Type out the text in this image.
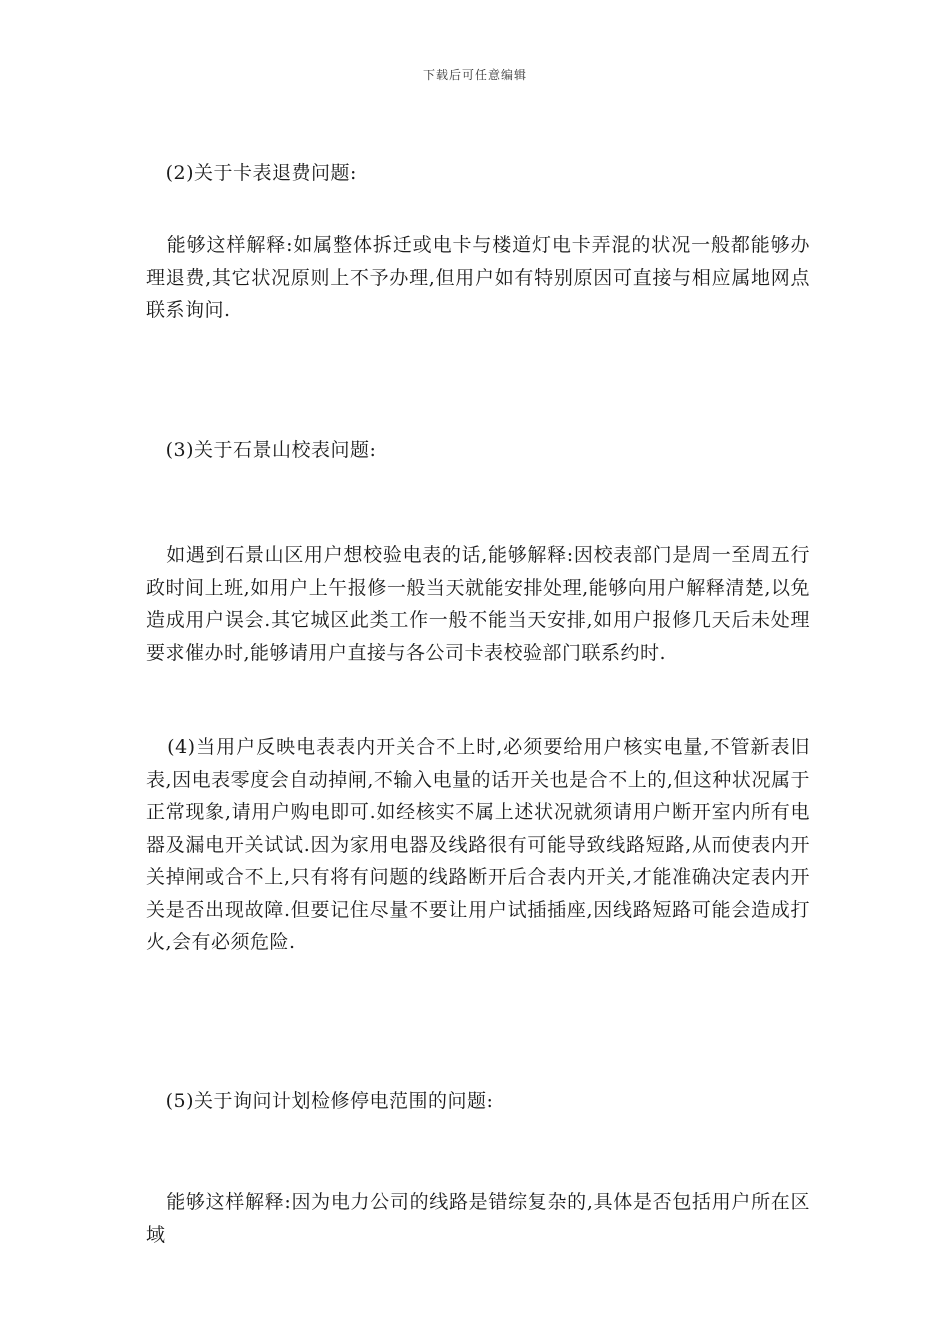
下载后可任意编辑

(2)关于卡表退费问题:

能够这样解释:如属整体拆迁或电卡与楼道灯电卡弄混的状况一般都能够办理退费,其它状况原则上不予办理,但用户如有特别原因可直接与相应属地网点联系询问.

(3)关于石景山校表问题:

如遇到石景山区用户想校验电表的话,能够解释:因校表部门是周一至周五行政时间上班,如用户上午报修一般当天就能安排处理,能够向用户解释清楚,以免造成用户误会.其它城区此类工作一般不能当天安排,如用户报修几天后未处理要求催办时,能够请用户直接与各公司卡表校验部门联系约时.

(4)当用户反映电表表内开关合不上时,必须要给用户核实电量,不管新表旧表,因电表零度会自动掉闸,不输入电量的话开关也是合不上的,但这种状况属于正常现象,请用户购电即可.如经核实不属上述状况就须请用户断开室内所有电器及漏电开关试试.因为家用电器及线路很有可能导致线路短路,从而使表内开关掉闸或合不上,只有将有问题的线路断开后合表内开关,才能准确决定表内开关是否出现故障.但要记住尽量不要让用户试插插座,因线路短路可能会造成打火,会有必须危险.

(5)关于询问计划检修停电范围的问题:

能够这样解释:因为电力公司的线路是错综复杂的,具体是否包括用户所在区域
